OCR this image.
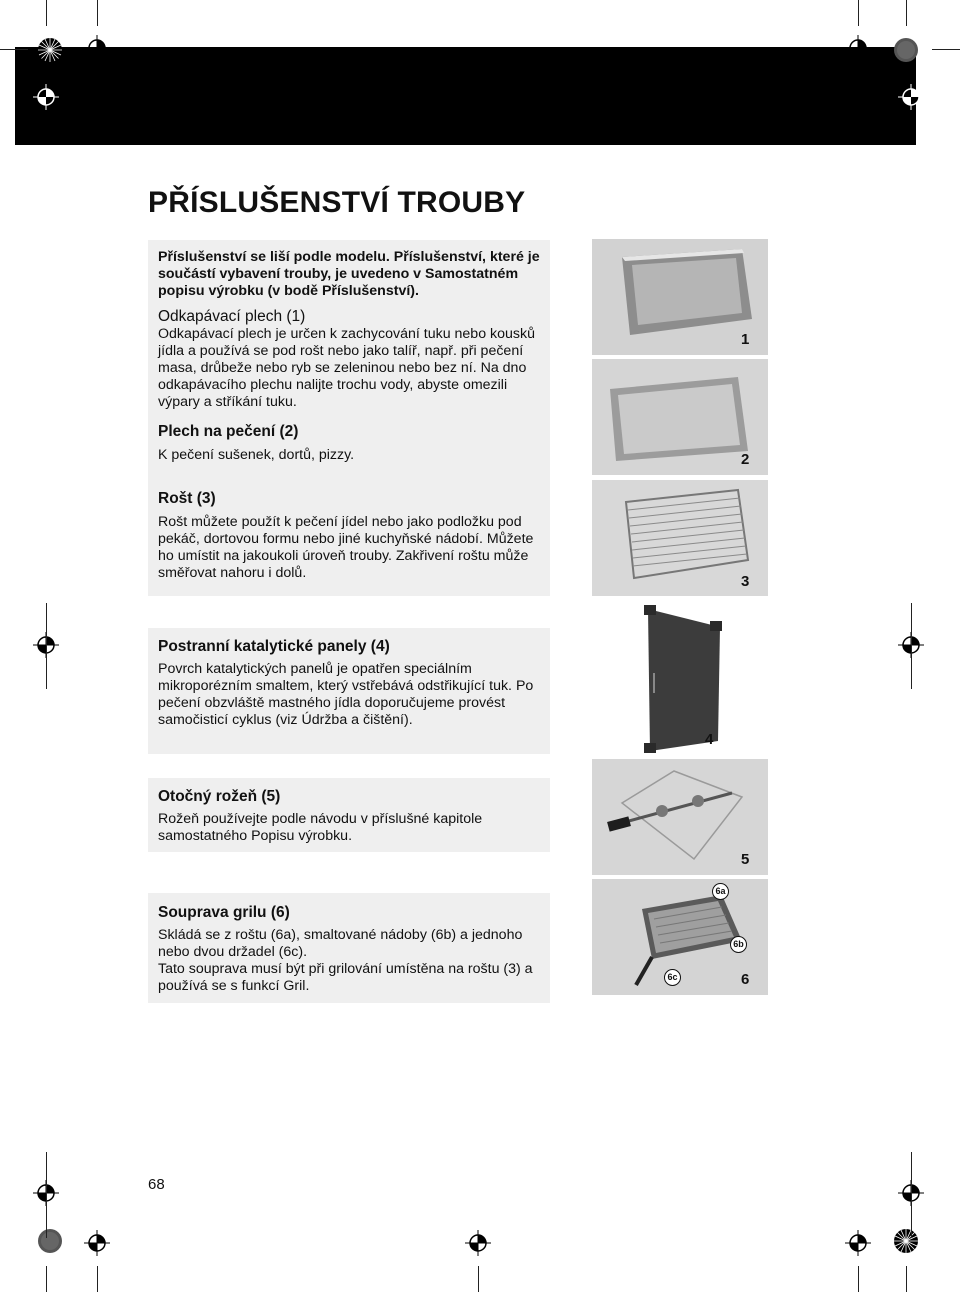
PŘÍSLUŠENSTVÍ TROUBY

Příslušenství se liší podle modelu. Příslušenství, které je součástí vybavení trouby, je uvedeno v Samostatném popisu výrobku (v bodě Příslušenství).

Odkapávací plech (1)

Odkapávací plech je určen k zachycování tuku nebo kousků jídla a používá se pod rošt nebo jako talíř, např. při pečení masa, drůbeže nebo ryb se zeleninou nebo bez ní. Na dno odkapávacího plechu nalijte trochu vody, abyste omezili výpary a stříkání tuku.

Plech na pečení (2)

K pečení sušenek, dortů, pizzy.

Rošt (3)

Rošt můžete použít k pečení jídel nebo jako podložku pod pekáč, dortovou formu nebo jiné kuchyňské nádobí. Můžete ho umístit na jakoukoli úroveň trouby. Zakřivení roštu může směřovat nahoru i dolů.

Postranní katalytické panely (4)

Povrch katalytických panelů je opatřen speciálním mikroporézním smaltem, který vstřebává odstřikující tuk. Po pečení obzvláště mastného jídla doporučujeme provést samočisticí cyklus (viz Údržba a čištění).

Otočný rožeň (5)

Rožeň používejte podle návodu v příslušné kapitole samostatného Popisu výrobku.

Souprava grilu (6)

Skládá se z roštu (6a), smaltované nádoby (6b) a jednoho nebo dvou držadel (6c).
Tato souprava musí být při grilování umístěna na roštu (3) a používá se s funkcí Gril.

1
2
3
4
5
6a
6b
6c	6
68
